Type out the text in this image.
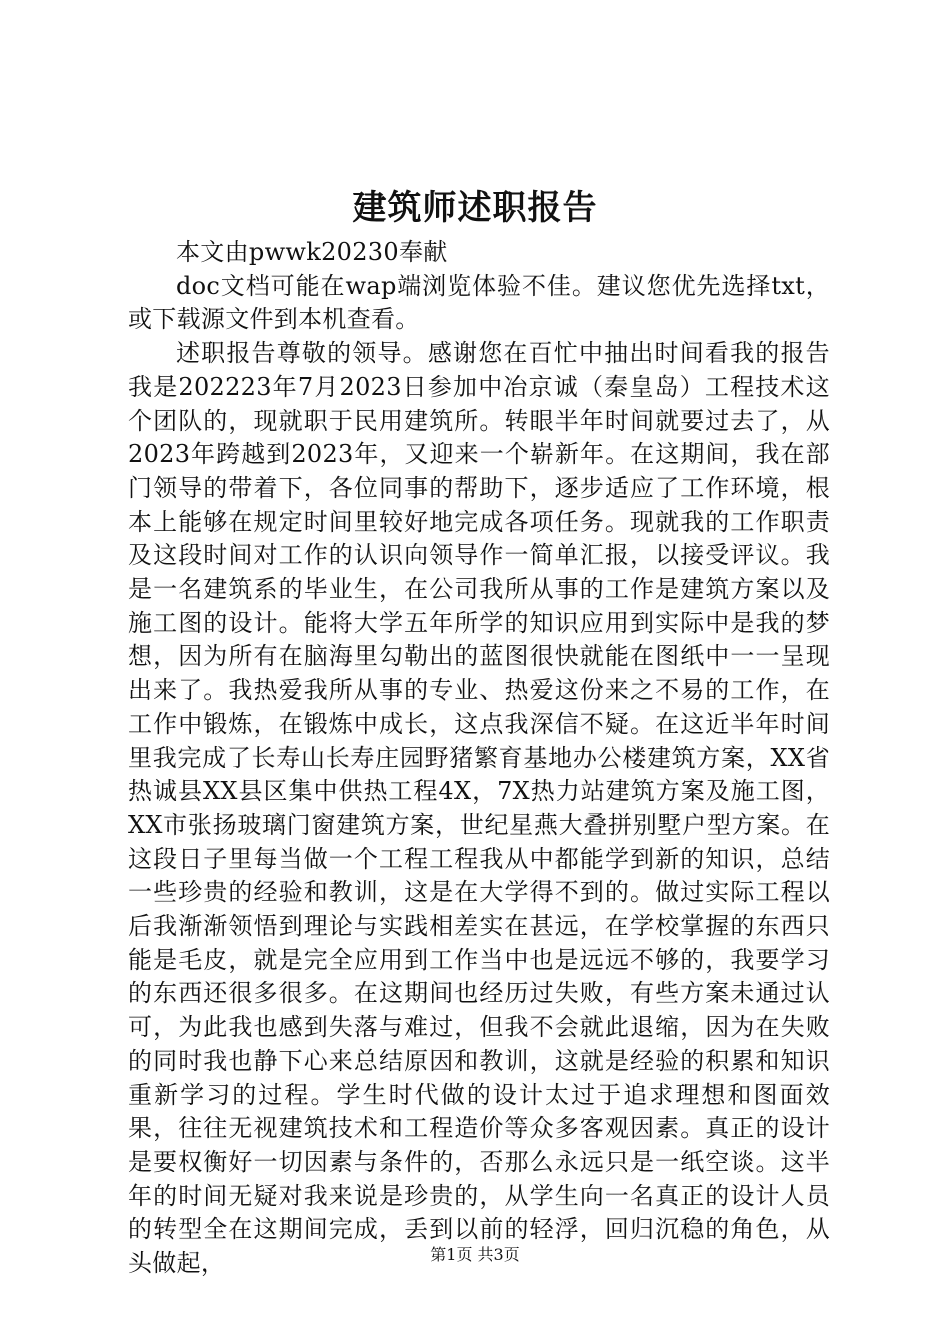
建筑师述职报告

本文由pwwk20230奉献

doc文档可能在wap端浏览体验不佳。建议您优先选择txt，或下载源文件到本机查看。

述职报告尊敬的领导。感谢您在百忙中抽出时间看我的报告我是202223年7月2023日参加中冶京诚（秦皇岛）工程技术这个团队的，现就职于民用建筑所。转眼半年时间就要过去了，从2023年跨越到2023年，又迎来一个崭新年。在这期间，我在部门领导的带着下，各位同事的帮助下，逐步适应了工作环境，根本上能够在规定时间里较好地完成各项任务。现就我的工作职责及这段时间对工作的认识向领导作一简单汇报，以接受评议。我是一名建筑系的毕业生，在公司我所从事的工作是建筑方案以及施工图的设计。能将大学五年所学的知识应用到实际中是我的梦想，因为所有在脑海里勾勒出的蓝图很快就能在图纸中一一呈现出来了。我热爱我所从事的专业、热爱这份来之不易的工作，在工作中锻炼，在锻炼中成长，这点我深信不疑。在这近半年时间里我完成了长寿山长寿庄园野猪繁育基地办公楼建筑方案，XX省热诚县XX县区集中供热工程4X，7X热力站建筑方案及施工图，XX市张扬玻璃门窗建筑方案，世纪星燕大叠拼别墅户型方案。在这段日子里每当做一个工程工程我从中都能学到新的知识，总结一些珍贵的经验和教训，这是在大学得不到的。做过实际工程以后我渐渐领悟到理论与实践相差实在甚远，在学校掌握的东西只能是毛皮，就是完全应用到工作当中也是远远不够的，我要学习的东西还很多很多。在这期间也经历过失败，有些方案未通过认可，为此我也感到失落与难过，但我不会就此退缩，因为在失败的同时我也静下心来总结原因和教训，这就是经验的积累和知识重新学习的过程。学生时代做的设计太过于追求理想和图面效果，往往无视建筑技术和工程造价等众多客观因素。真正的设计是要权衡好一切因素与条件的，否那么永远只是一纸空谈。这半年的时间无疑对我来说是珍贵的，从学生向一名真正的设计人员的转型全在这期间完成，丢到以前的轻浮，回归沉稳的角色，从头做起，	第1页 共3页
